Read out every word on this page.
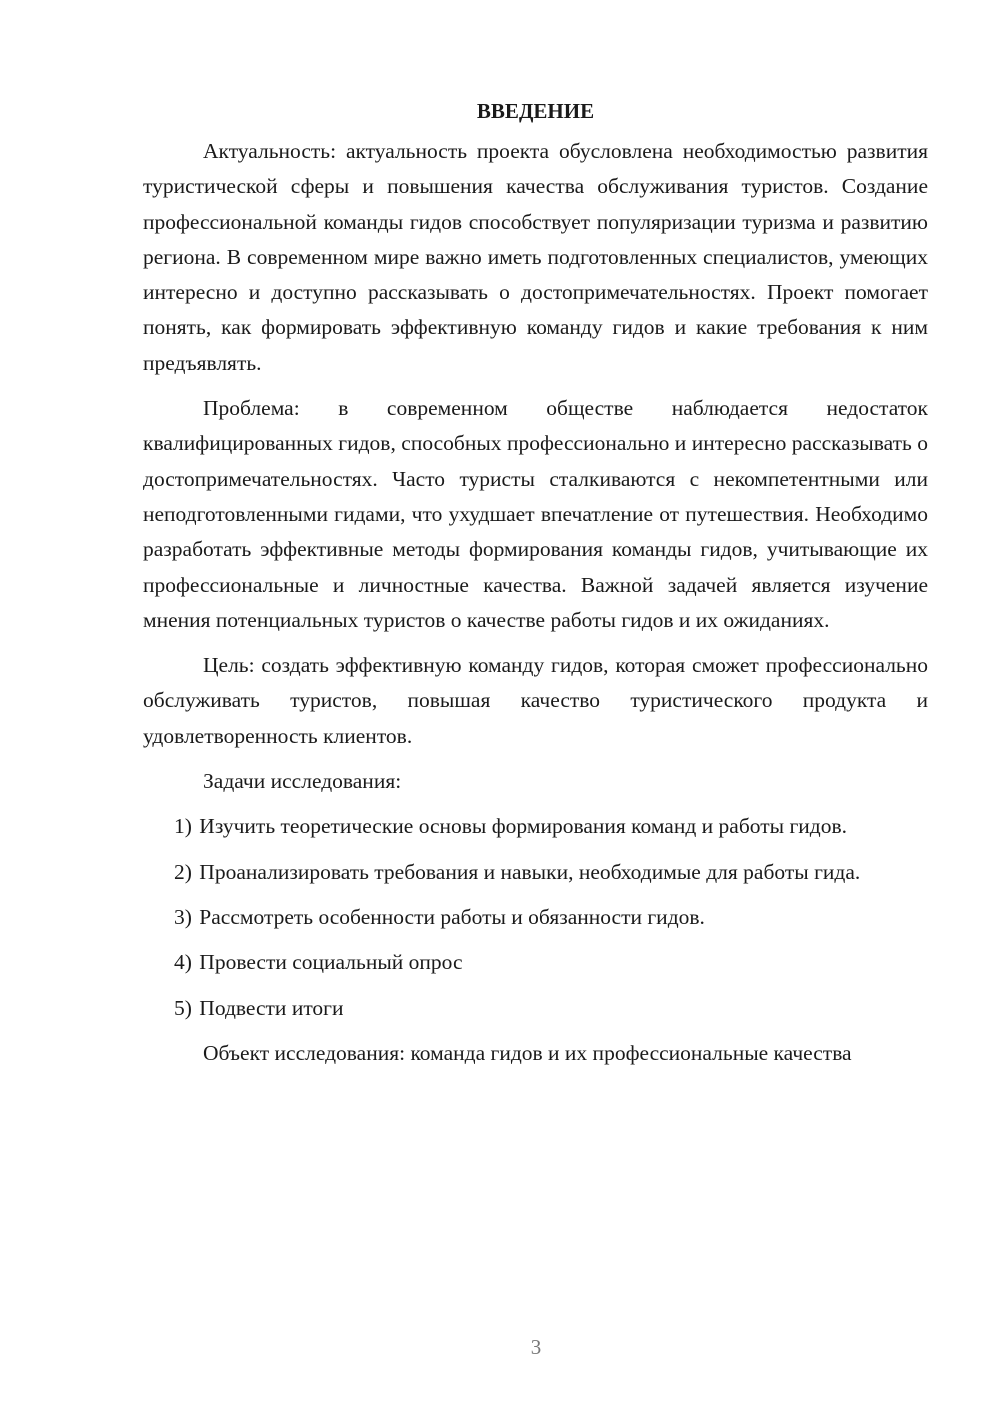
ВВЕДЕНИЕ

Актуальность: актуальность проекта обусловлена необходимостью развития туристической сферы и повышения качества обслуживания туристов. Создание профессиональной команды гидов способствует популяризации туризма и развитию региона. В современном мире важно иметь подготовленных специалистов, умеющих интересно и доступно рассказывать о достопримечательностях. Проект помогает понять, как формировать эффективную команду гидов и какие требования к ним предъявлять.

Проблема: в современном обществе наблюдается недостаток квалифицированных гидов, способных профессионально и интересно рассказывать о достопримечательностях. Часто туристы сталкиваются с некомпетентными или неподготовленными гидами, что ухудшает впечатление от путешествия. Необходимо разработать эффективные методы формирования команды гидов, учитывающие их профессиональные и личностные качества. Важной задачей является изучение мнения потенциальных туристов о качестве работы гидов и их ожиданиях.

Цель: создать эффективную команду гидов, которая сможет профессионально обслуживать туристов, повышая качество туристического продукта и удовлетворенность клиентов.

Задачи исследования:

1) Изучить теоретические основы формирования команд и работы гидов.
2) Проанализировать требования и навыки, необходимые для работы гида.
3) Рассмотреть особенности работы и обязанности гидов.
4) Провести социальный опрос
5) Подвести итоги

Объект исследования: команда гидов и их профессиональные качества

3
